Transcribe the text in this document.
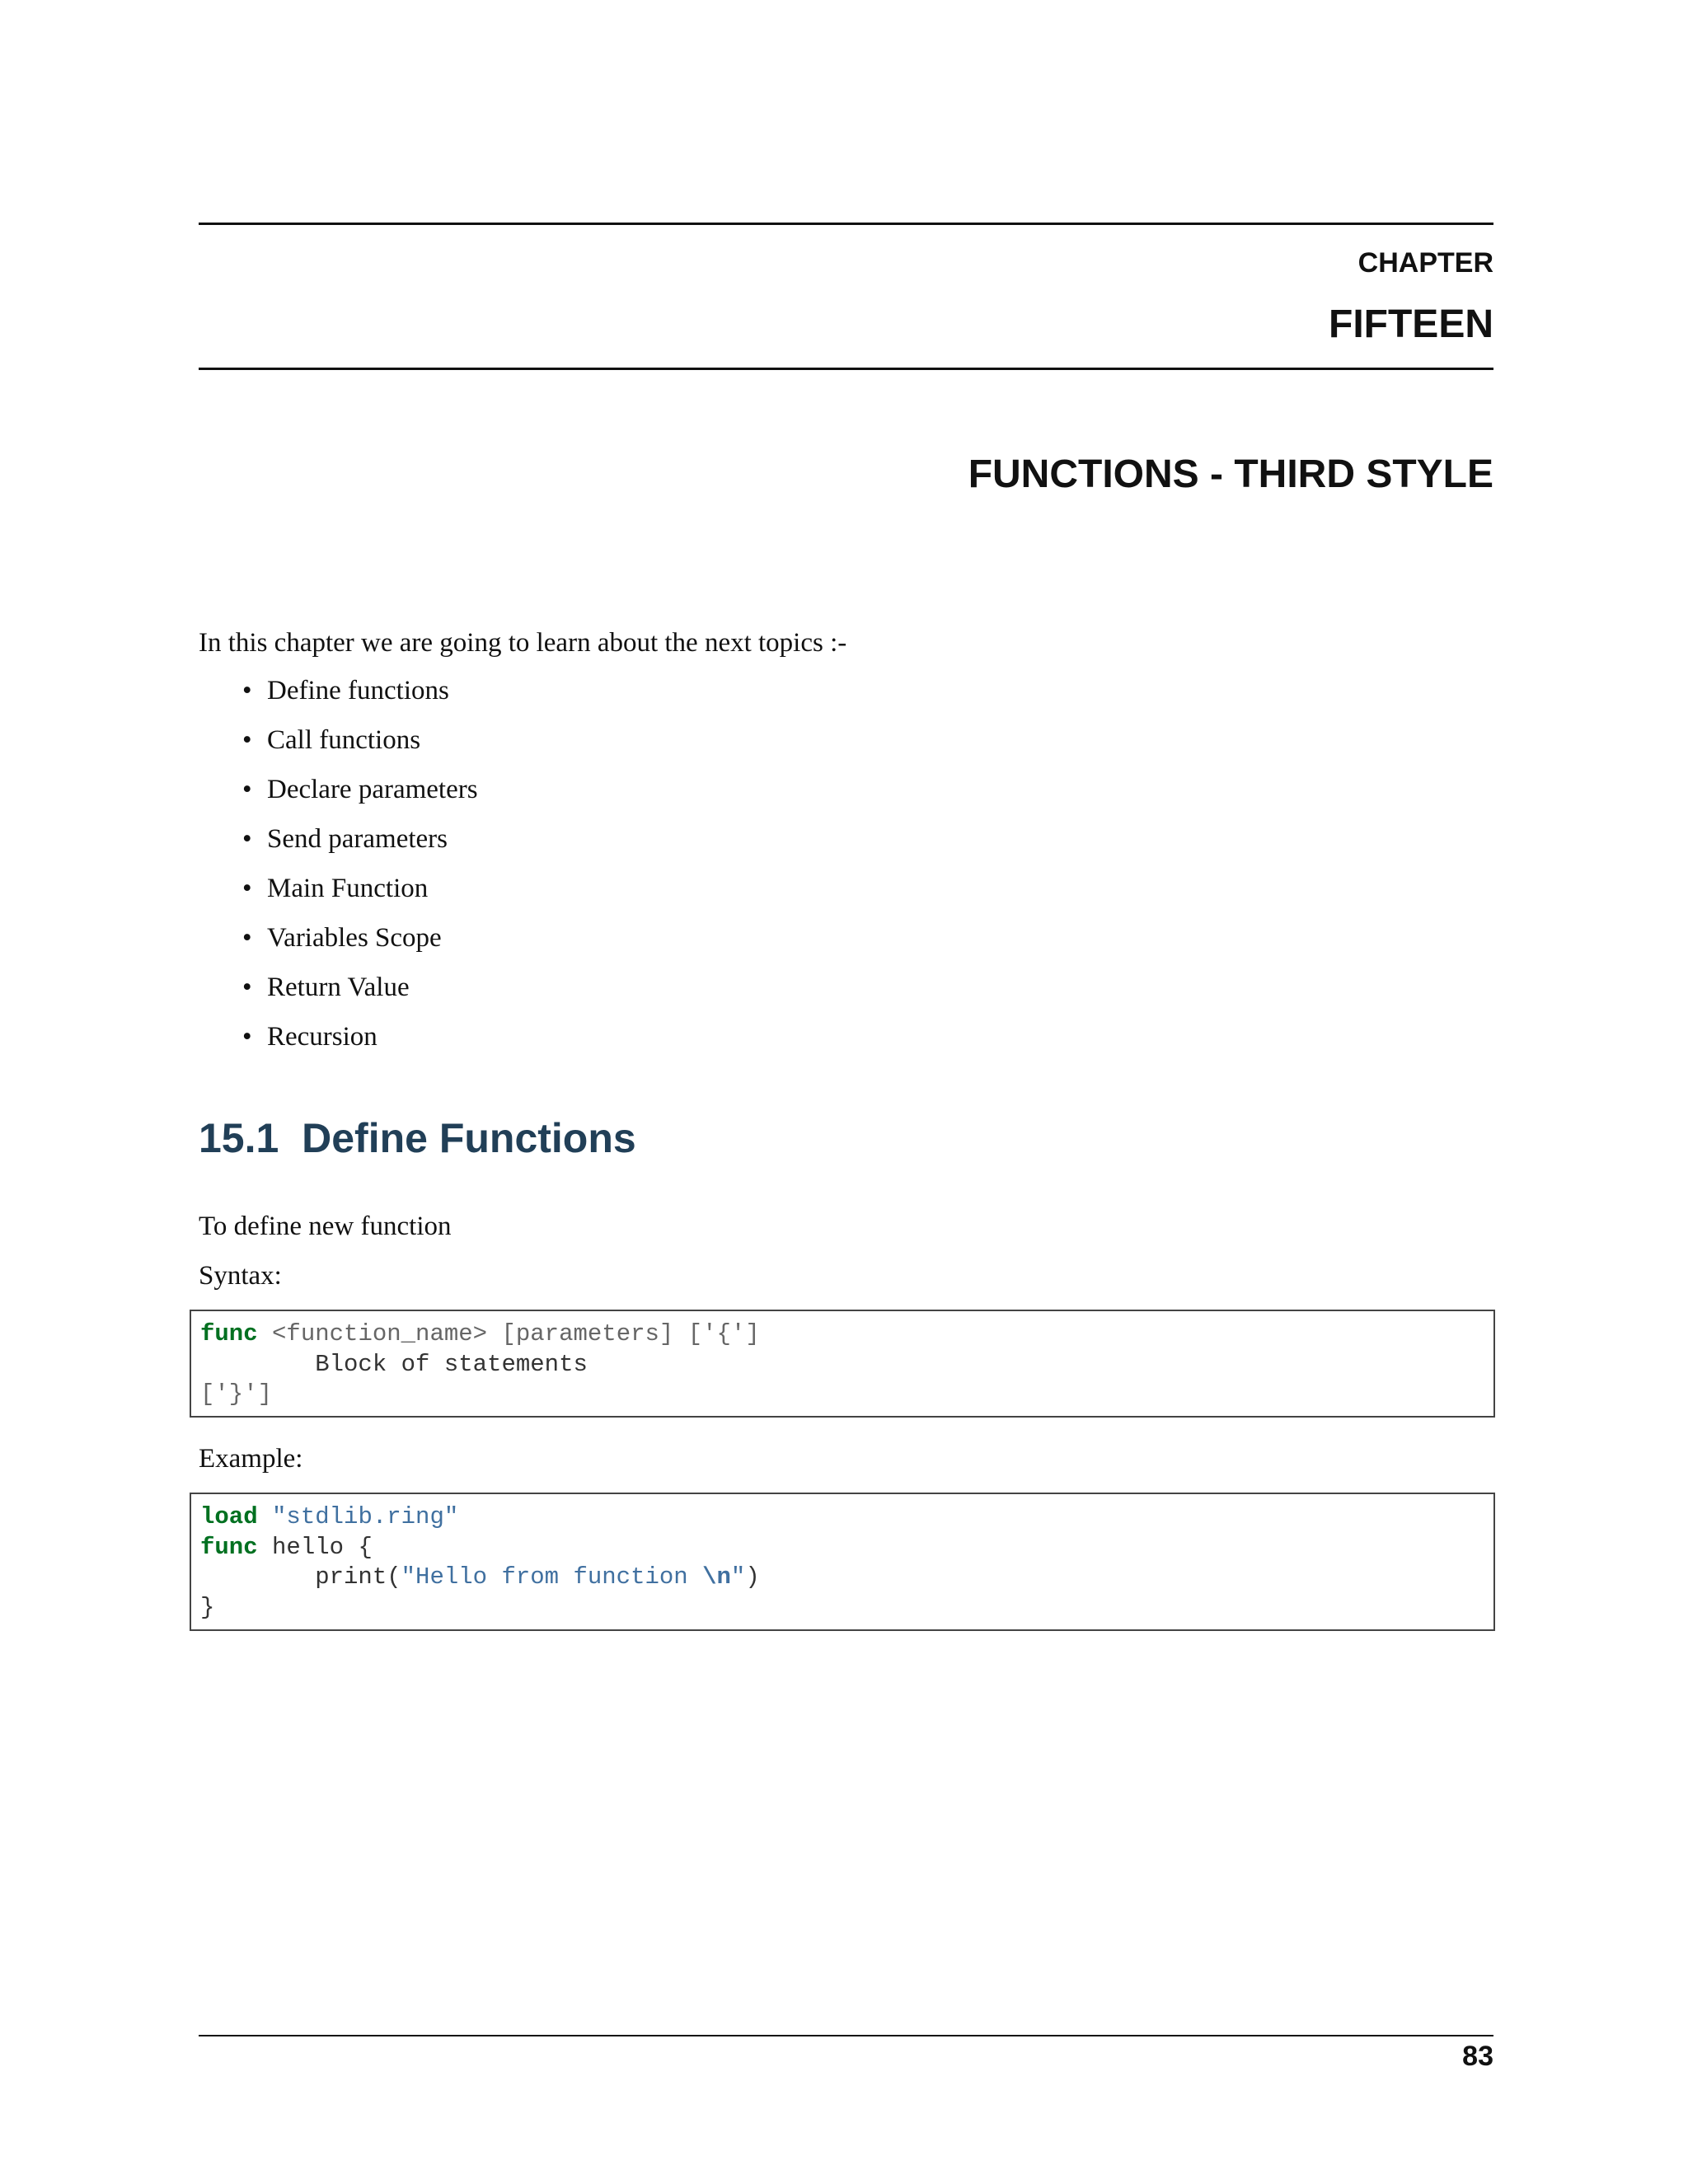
CHAPTER
FIFTEEN
FUNCTIONS - THIRD STYLE
In this chapter we are going to learn about the next topics :-
• Define functions
• Call functions
• Declare parameters
• Send parameters
• Main Function
• Variables Scope
• Return Value
• Recursion
15.1 Define Functions
To define new function
Syntax:
func <function_name> [parameters] ['{']
Block of statements
['}']
Example:
load "stdlib.ring"
func hello {
print("Hello from function \n")
}
83
